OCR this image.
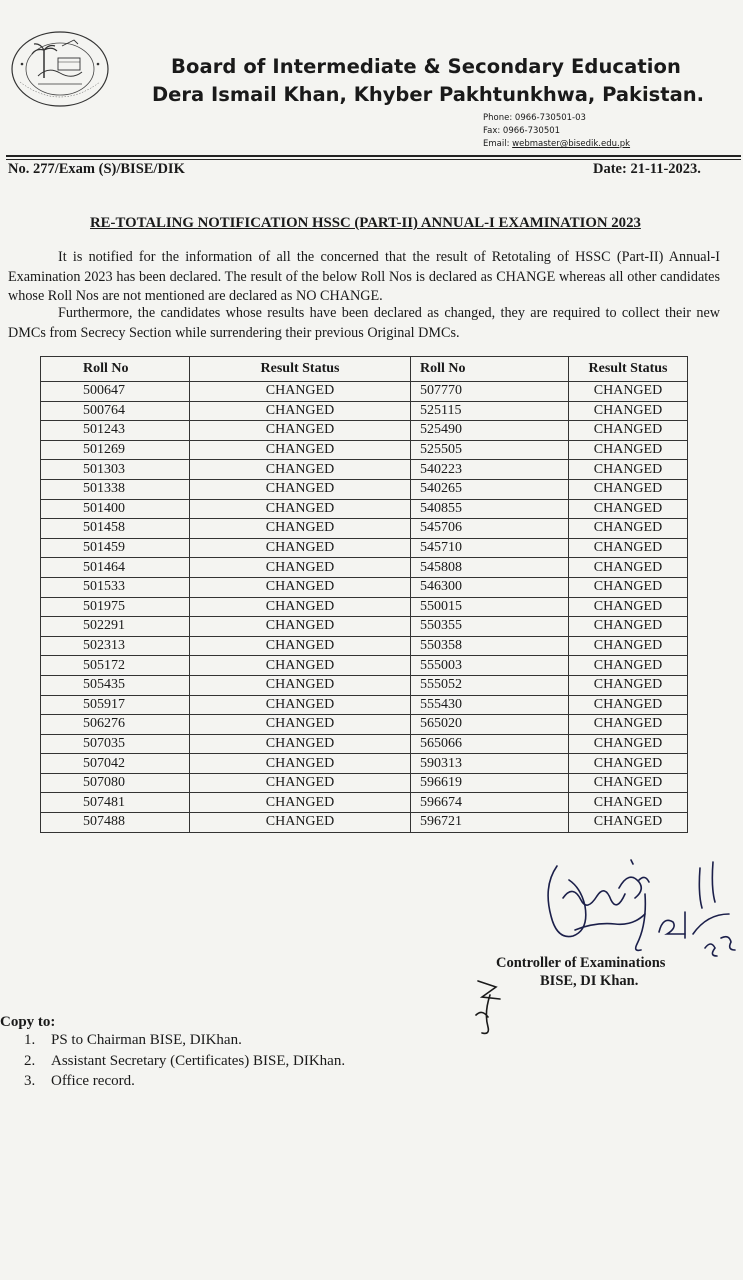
Board of Intermediate & Secondary Education
Dera Ismail Khan, Khyber Pakhtunkhwa, Pakistan.
Phone: 0966-730501-03
Fax: 0966-730501
Email: webmaster@bisedik.edu.pk
No. 277/Exam (S)/BISE/DIK	Date: 21-11-2023.
RE-TOTALING NOTIFICATION HSSC (PART-II) ANNUAL-I EXAMINATION 2023
It is notified for the information of all the concerned that the result of Retotaling of HSSC (Part-II) Annual-I Examination 2023 has been declared. The result of the below Roll Nos is declared as CHANGE whereas all other candidates whose Roll Nos are not mentioned are declared as NO CHANGE.
Furthermore, the candidates whose results have been declared as changed, they are required to collect their new DMCs from Secrecy Section while surrendering their previous Original DMCs.
Roll No	Result Status	Roll No	Result Status
500647	CHANGED	507770	CHANGED
500764	CHANGED	525115	CHANGED
501243	CHANGED	525490	CHANGED
501269	CHANGED	525505	CHANGED
501303	CHANGED	540223	CHANGED
501338	CHANGED	540265	CHANGED
501400	CHANGED	540855	CHANGED
501458	CHANGED	545706	CHANGED
501459	CHANGED	545710	CHANGED
501464	CHANGED	545808	CHANGED
501533	CHANGED	546300	CHANGED
501975	CHANGED	550015	CHANGED
502291	CHANGED	550355	CHANGED
502313	CHANGED	550358	CHANGED
505172	CHANGED	555003	CHANGED
505435	CHANGED	555052	CHANGED
505917	CHANGED	555430	CHANGED
506276	CHANGED	565020	CHANGED
507035	CHANGED	565066	CHANGED
507042	CHANGED	590313	CHANGED
507080	CHANGED	596619	CHANGED
507481	CHANGED	596674	CHANGED
507488	CHANGED	596721	CHANGED
Controller of Examinations
BISE, DI Khan.
Copy to:
1. PS to Chairman BISE, DIKhan.
2. Assistant Secretary (Certificates) BISE, DIKhan.
3. Office record.
